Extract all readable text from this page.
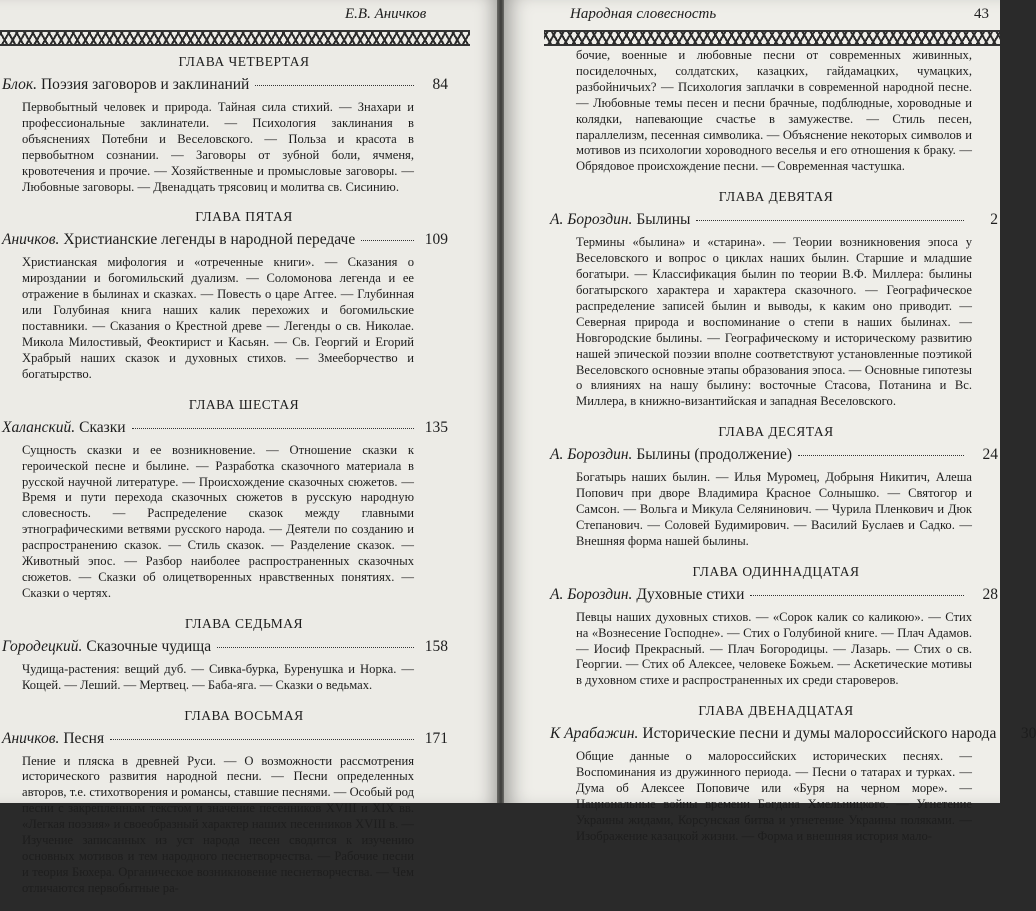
Е.В. Аничков
ГЛАВА ЧЕТВЕРТАЯ
Блок. Поэзия заговоров и заклинаний	84
Первобытный человек и природа. Тайная сила стихий. — Знахари и профессиональные заклинатели. — Психология заклинания в объяснениях Потебни и Веселовского. — Польза и красота в первобытном сознании. — Заговоры от зубной боли, ячменя, кровотечения и прочие. — Хозяйственные и промысловые заговоры. — Любовные заговоры. — Двенадцать трясовиц и молитва св. Сисинию.
ГЛАВА ПЯТАЯ
Аничков. Христианские легенды в народной передаче	109
Христианская мифология и «отреченные книги». — Сказания о мироздании и богомильский дуализм. — Соломонова легенда и ее отражение в былинах и сказках. — Повесть о царе Аггее. — Глубинная или Голубиная книга наших калик перехожих и богомильские поставники. — Сказания о Крестной древе — Легенды о св. Николае. Микола Милостивый, Феоктирист и Касьян. — Св. Георгий и Егорий Храбрый наших сказок и духовных стихов. — Змееборчество и богатырство.
ГЛАВА ШЕСТАЯ
Халанский. Сказки	135
Сущность сказки и ее возникновение. — Отношение сказки к героической песне и былине. — Разработка сказочного материала в русской научной литературе. — Происхождение сказочных сюжетов. — Время и пути перехода сказочных сюжетов в русскую народную словесность. — Распределение сказок между главными этнографическими ветвями русского народа. — Деятели по созданию и распространению сказок. — Стиль сказок. — Разделение сказок. — Животный эпос. — Разбор наиболее распространенных сказочных сюжетов. — Сказки об олицетворенных нравственных понятиях. — Сказки о чертях.
ГЛАВА СЕДЬМАЯ
Городецкий. Сказочные чудища	158
Чудища-растения: вещий дуб. — Сивка-бурка, Буренушка и Норка. — Кощей. — Леший. — Мертвец. — Баба-яга. — Сказки о ведьмах.
ГЛАВА ВОСЬМАЯ
Аничков. Песня	171
Пение и пляска в древней Руси. — О возможности рассмотрения исторического развития народной песни. — Песни определенных авторов, т.е. стихотворения и романсы, ставшие песнями. — Особый род песни с закрепленным текстом и значение песенников XVIII и XIX вв. «Легкая поэзия» и своеобразный характер наших песенников XVIII в. — Изучение записанных из уст народа песен сводится к изучению основных мотивов и тем народного песнетворчества. — Рабочие песни и теория Бюхера. Органическое возникновение песнетворчества. — Чем отличаются первобытные ра-
Народная словесность	43
бочие, военные и любовные песни от современных живинных, посиделочных, солдатских, казацких, гайдамацких, чумацких, разбойничьих? — Психология заплачки в современной народной песне. — Любовные темы песен и песни брачные, подблюдные, хороводные и колядки, напевающие счастье в замужестве. — Стиль песен, параллелизм, песенная символика. — Объяснение некоторых символов и мотивов из психологии хороводного веселья и его отношения к браку. — Обрядовое происхождение песни. — Современная частушка.
ГЛАВА ДЕВЯТАЯ
А. Бороздин. Былины	2
Термины «былина» и «старина». — Теории возникновения эпоса у Веселовского и вопрос о циклах наших былин. Старшие и младшие богатыри. — Классификация былин по теории В.Ф. Миллера: былины богатырского характера и характера сказочного. — Географическое распределение записей былин и выводы, к каким оно приводит. — Северная природа и воспоминание о степи в наших былинах. — Новгородские былины. — Географическому и историческому развитию нашей эпической поэзии вполне соответствуют установленные поэтикой Веселовского основные этапы образования эпоса. — Основные гипотезы о влияниях на нашу былину: восточные Стасова, Потанина и Вс. Миллера, в книжно-византийская и западная Веселовского.
ГЛАВА ДЕСЯТАЯ
А. Бороздин. Былины (продолжение)	24
Богатырь наших былин. — Илья Муромец, Добрыня Никитич, Алеша Попович при дворе Владимира Красное Солнышко. — Святогор и Самсон. — Вольга и Микула Селянинович. — Чурила Пленкович и Дюк Степанович. — Соловей Будимирович. — Василий Буслаев и Садко. — Внешняя форма нашей былины.
ГЛАВА ОДИННАДЦАТАЯ
А. Бороздин. Духовные стихи	28
Певцы наших духовных стихов. — «Сорок калик со каликою». — Стих на «Вознесение Господне». — Стих о Голубиной книге. — Плач Адамов. — Иосиф Прекрасный. — Плач Богородицы. — Лазарь. — Стих о св. Георгии. — Стих об Алексее, человеке Божьем. — Аскетические мотивы в духовном стихе и распространенных их среди староверов.
ГЛАВА ДВЕНАДЦАТАЯ
К Арабажин. Исторические песни и думы малороссийского народа	30
Общие данные о малороссийских исторических песнях. — Воспоминания из дружинного периода. — Песни о татарах и турках. — Дума об Алексее Поповиче или «Буря на черном море». — Национальные войны времени Богдана Хмельницкого. — Угнетение Украины жидами, Корсунская битва и угнетение Украины поляками. — Изображение казацкой жизни. — Форма и внешняя история мало-
